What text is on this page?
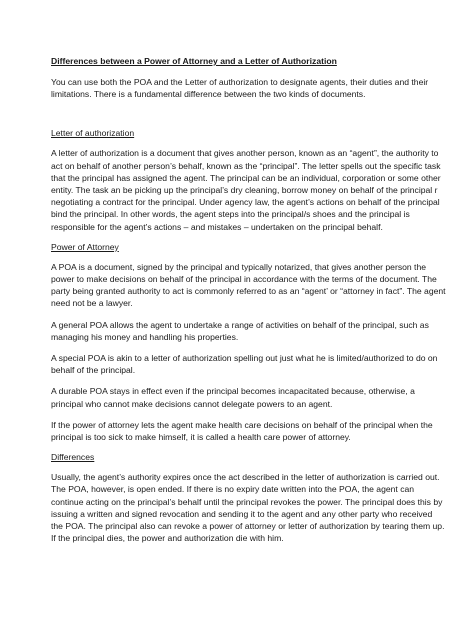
Differences between a Power of Attorney and a Letter of Authorization

You can use both the POA and the Letter of authorization to designate agents, their duties and their limitations. There is a fundamental difference between the two kinds of documents.

Letter of authorization

A letter of authorization is a document that gives another person, known as an “agent”, the authority to act on behalf of another person’s behalf, known as the “principal”. The letter spells out the specific task that the principal has assigned the agent. The principal can be an individual, corporation or some other entity. The task an be picking up the principal’s dry cleaning, borrow money on behalf of the principal r negotiating a contract for the principal. Under agency law, the agent’s actions on behalf of the principal bind the principal. In other words, the agent steps into the principal/s shoes and the principal is responsible for the agent’s actions – and mistakes – undertaken on the principal behalf.

Power of Attorney

A POA is a document, signed by the principal and typically notarized, that gives another person the power to make decisions on behalf of the principal in accordance with the terms of the document. The party being granted authority to act is commonly referred to as an “agent’ or “attorney in fact”. The agent need not be a lawyer.

A general POA allows the agent to undertake a range of activities on behalf of the principal, such as managing his money and handling his properties.

A special POA is akin to a letter of authorization spelling out just what he is limited/authorized to do on behalf of the principal.

A durable POA stays in effect even if the principal becomes incapacitated because, otherwise, a principal who cannot make decisions cannot delegate powers to an agent.

If the power of attorney lets the agent make health care decisions on behalf of the principal when the principal is too sick to make himself, it is called a health care power of attorney.

Differences

Usually, the agent’s authority expires once the act described in the letter of authorization is carried out. The POA, however, is open ended. If there is no expiry date written into the POA, the agent can continue acting on the principal’s behalf until the principal revokes the power. The principal does this by issuing a written and signed revocation and sending it to the agent and any other party who received the POA. The principal also can revoke a power of attorney or letter of authorization by tearing them up. If the principal dies, the power and authorization die with him.
